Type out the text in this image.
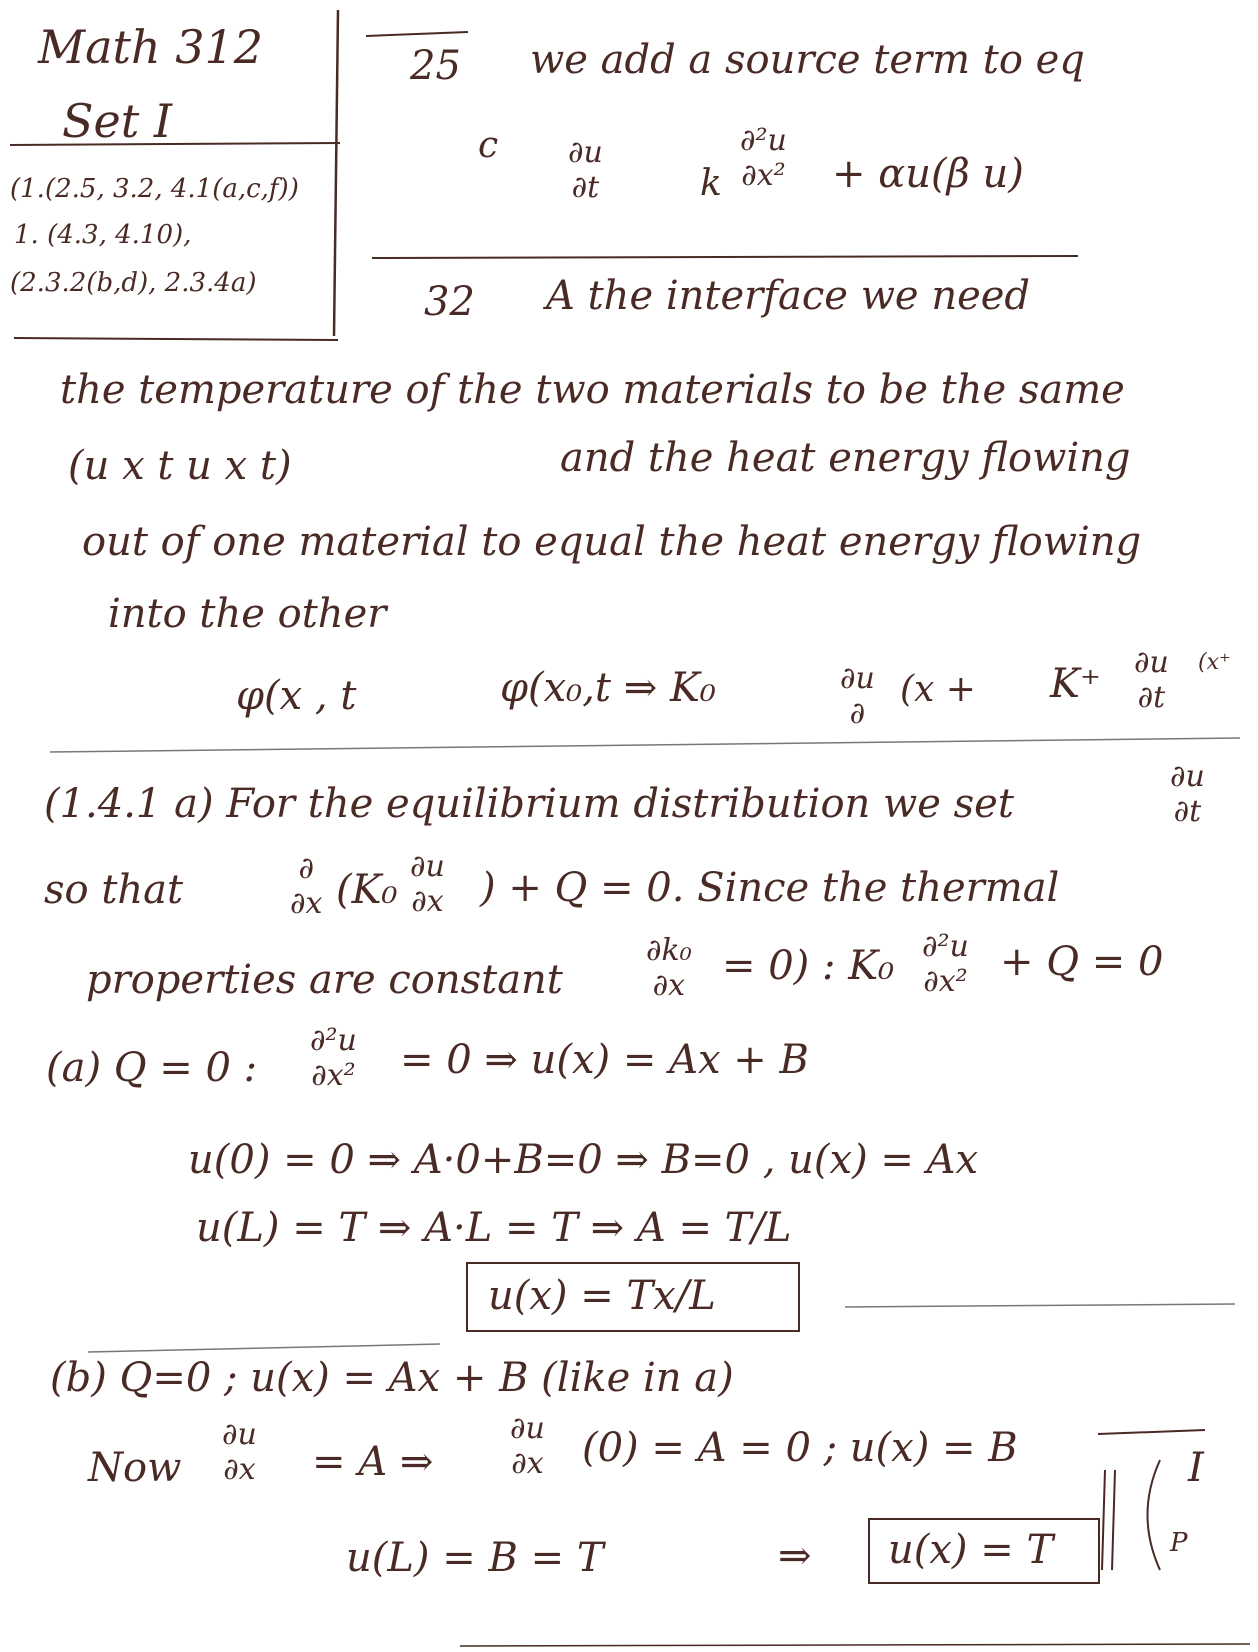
Math 312
Set I
(1.(2.5, 3.2, 4.1(a,c,f))
1. (4.3, 4.10),
(2.3.2(b,d), 2.3.4a)
25 we add a source term to eq
c ∂u
∂t	k
∂²u
∂x² + αu(β u)
32 A the interface we need
the temperature of the two materials to be the same
(u x t u x t)	and the heat energy flowing
out of one material to equal the heat energy flowing
into the other
φ(x , t	φ(x₀,t ⇒ K₀	∂u
∂
(x + K⁺ ∂u
∂t
(x⁺
(1.4.1 a) For the equilibrium distribution we set
∂u
∂t
so that	∂
∂x (K₀
∂u
∂x ) + Q = 0. Since the thermal
properties are constant
∂k₀
∂x = 0) : K₀ ∂²u
∂x² + Q = 0
(a) Q = 0 :
∂²u
∂x² = 0 ⇒ u(x) = Ax + B
u(0) = 0 ⇒ A·0+B=0 ⇒ B=0 , u(x) = Ax
u(L) = T ⇒ A·L = T ⇒ A = T/L
u(x) = Tx/L
(b) Q=0 ; u(x) = Ax + B (like in a)
Now
∂u
∂x = A ⇒
∂u
∂x (0) = A = 0 ; u(x) = B
u(L) = B = T	⇒ u(x) = T
I
P
